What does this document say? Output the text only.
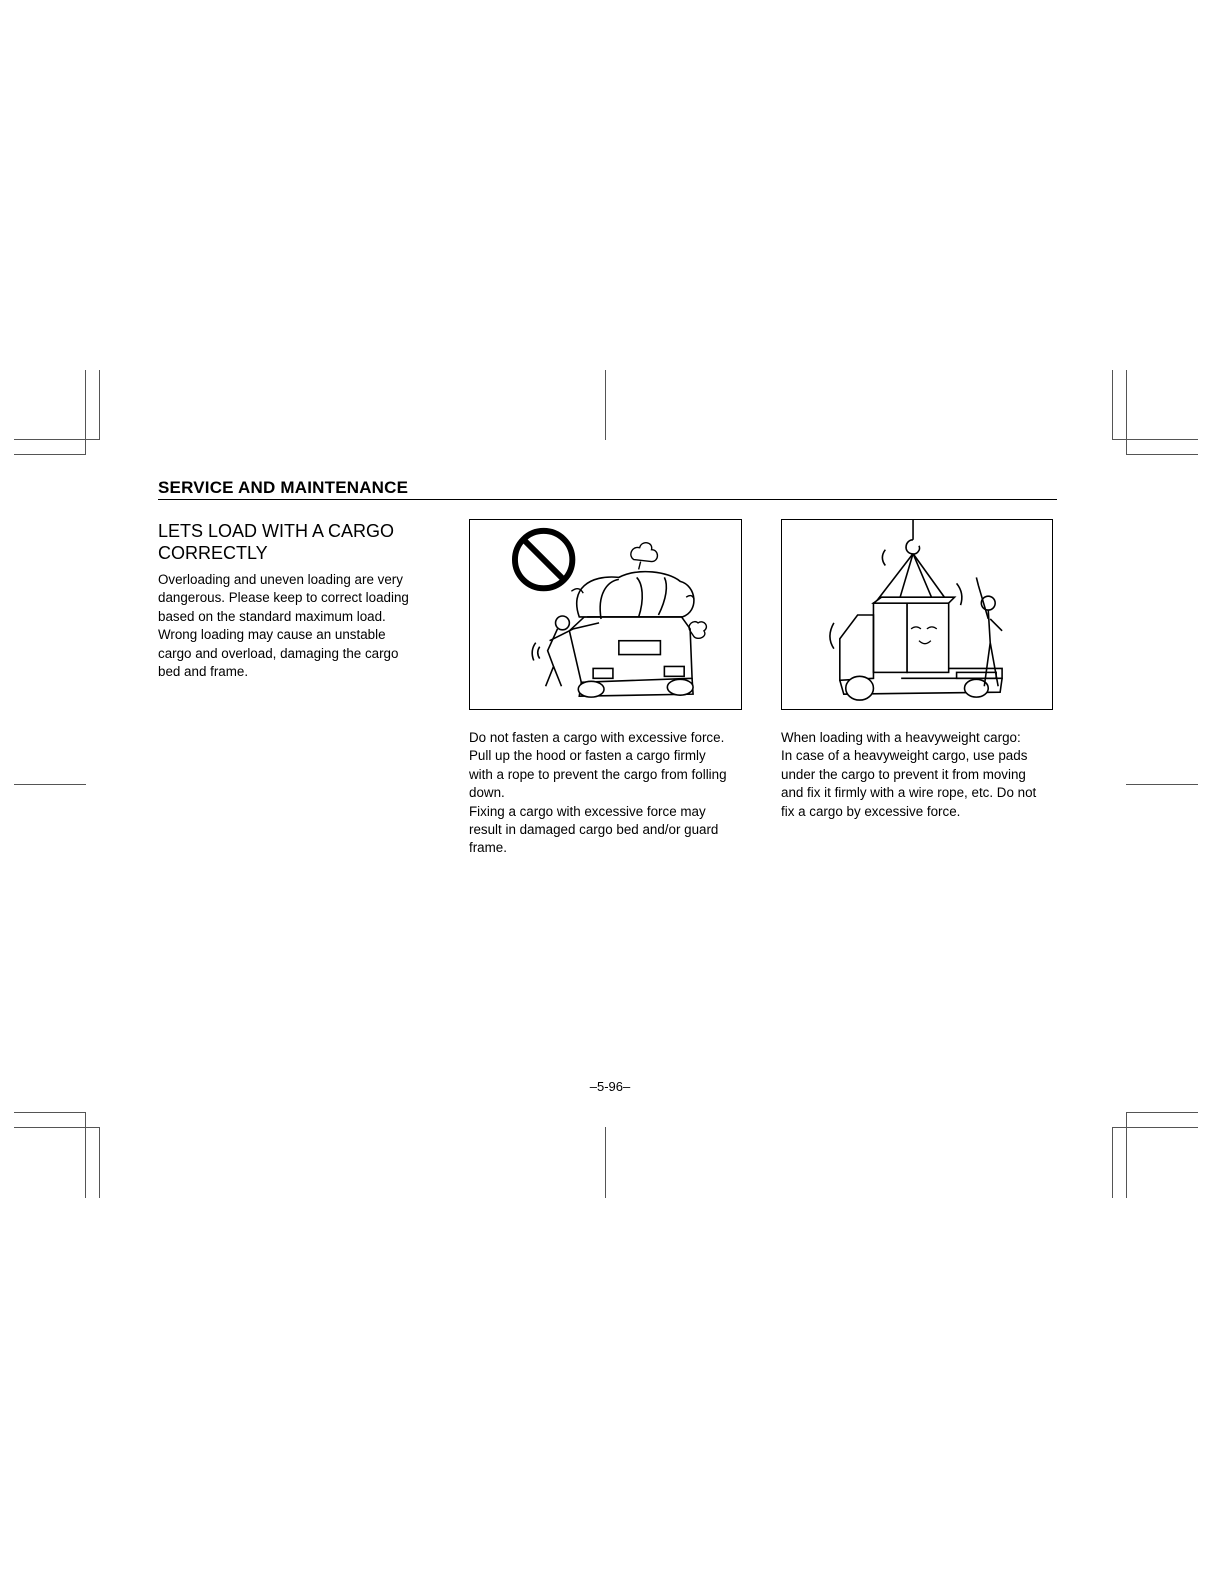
SERVICE AND MAINTENANCE
LETS LOAD WITH A CARGO
CORRECTLY
Overloading and uneven loading are very
dangerous. Please keep to correct loading
based on the standard maximum load.
Wrong loading may cause an unstable
cargo and overload, damaging the cargo
bed and frame.
Do not fasten a cargo with excessive force.
Pull up the hood or fasten a cargo firmly
with a rope to prevent the cargo from folling
down.
Fixing a cargo with excessive force may
result in damaged cargo bed and/or guard
frame.
When loading with a heavyweight cargo:
In case of a heavyweight cargo, use pads
under the cargo to prevent it from moving
and fix it firmly with a wire rope, etc. Do not
fix a cargo by excessive force.
–5-96–
